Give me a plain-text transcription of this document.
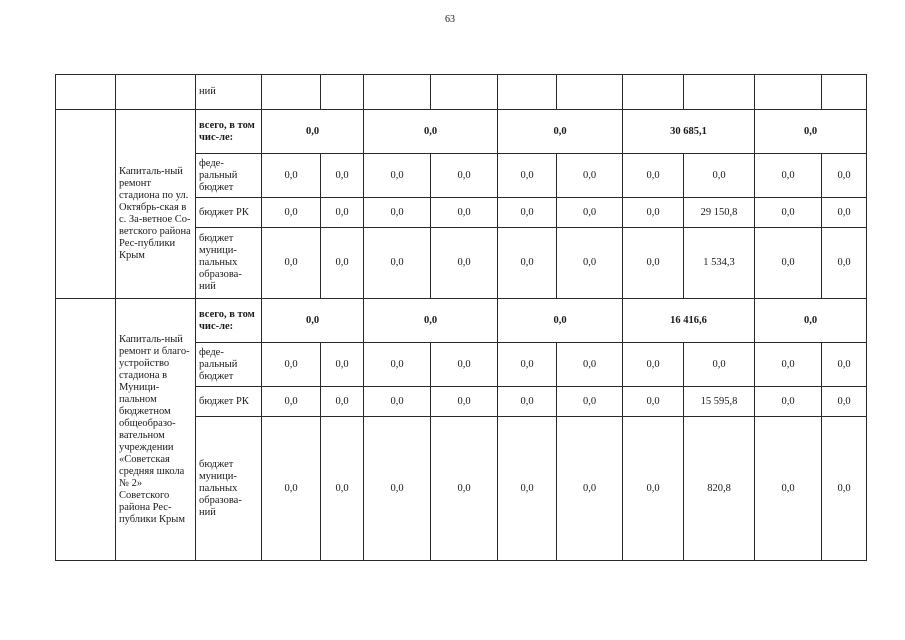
63
		ний										
	Капиталь-ный ремонт стадиона по ул. Октябрь-ская в с. За-ветное Со-ветского района Рес-публики Крым	всего, в том чис-ле:	0,0		0,0		0,0		30 685,1		0,0	
		феде-ральный бюджет	0,0	0,0	0,0	0,0	0,0	0,0	0,0	0,0	0,0	0,0
		бюджет РК	0,0	0,0	0,0	0,0	0,0	0,0	0,0	29 150,8	0,0	0,0
		бюджет муници-пальных образова-ний	0,0	0,0	0,0	0,0	0,0	0,0	0,0	1 534,3	0,0	0,0
	Капиталь-ный ремонт и благо-устройство стадиона в Муници-пальном бюджетном общеобразо-вательном учреждении «Советская средняя школа № 2» Советского района Рес-публики Крым	всего, в том чис-ле:	0,0		0,0		0,0		16 416,6		0,0	
		феде-ральный бюджет	0,0	0,0	0,0	0,0	0,0	0,0	0,0	0,0	0,0	0,0
		бюджет РК	0,0	0,0	0,0	0,0	0,0	0,0	0,0	15 595,8	0,0	0,0
		бюджет муници-пальных образова-ний	0,0	0,0	0,0	0,0	0,0	0,0	0,0	820,8	0,0	0,0
